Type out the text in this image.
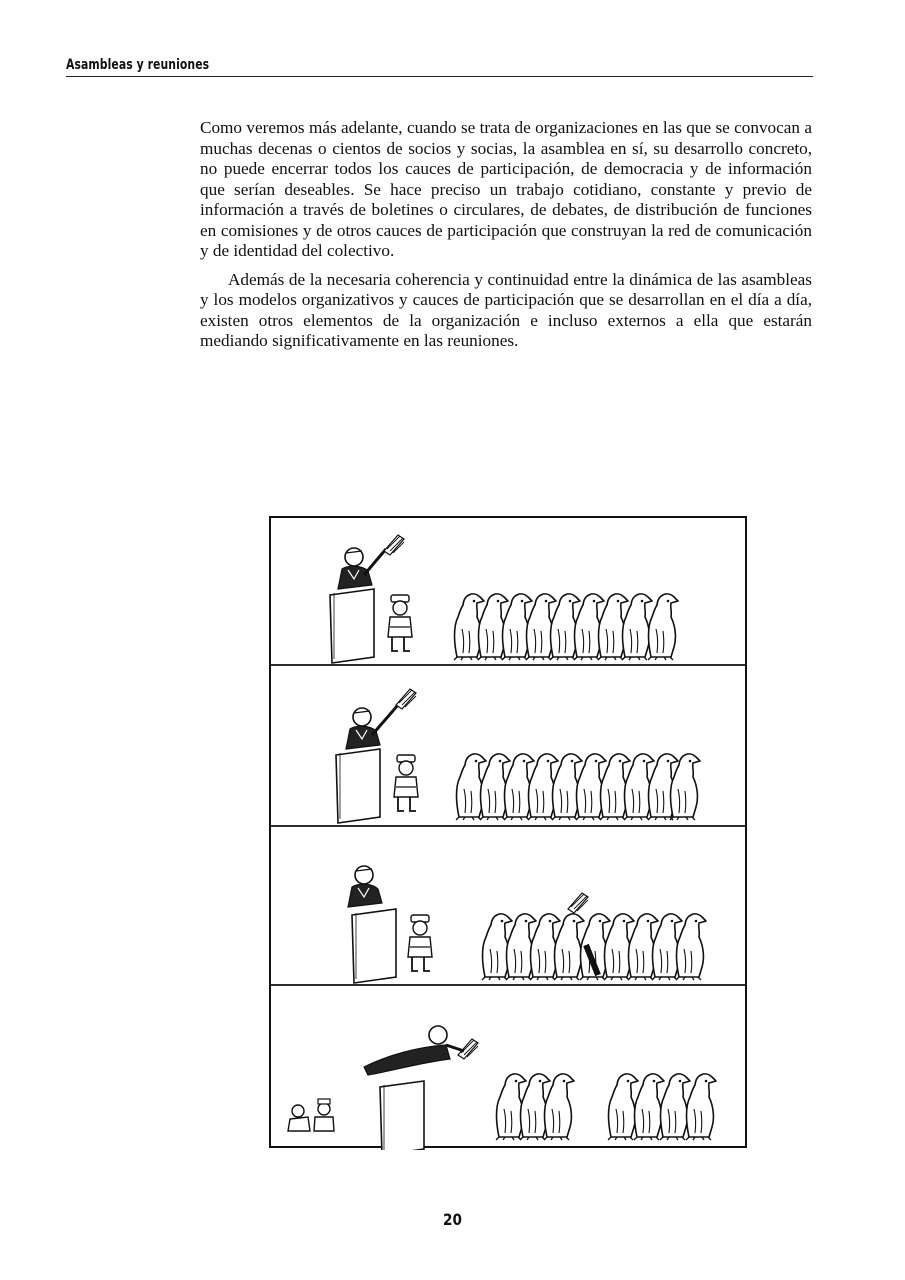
Asambleas y reuniones

Como veremos más adelante, cuando se trata de organizaciones en las que se convocan a muchas decenas o cientos de socios y socias, la asamblea en sí, su desarrollo concreto, no puede encerrar todos los cauces de participación, de democracia y de información que serían deseables. Se hace preciso un trabajo cotidiano, constante y previo de información a través de boletines o circulares, de debates, de distribución de funciones en comisiones y de otros cauces de participación que construyan la red de comunicación y de identidad del colectivo.

Además de la necesaria coherencia y continuidad entre la dinámica de las asambleas y los modelos organizativos y cauces de participación que se desarrollan en el día a día, existen otros elementos de la organización e incluso externos a ella que estarán mediando significativamente en las reuniones.

20
